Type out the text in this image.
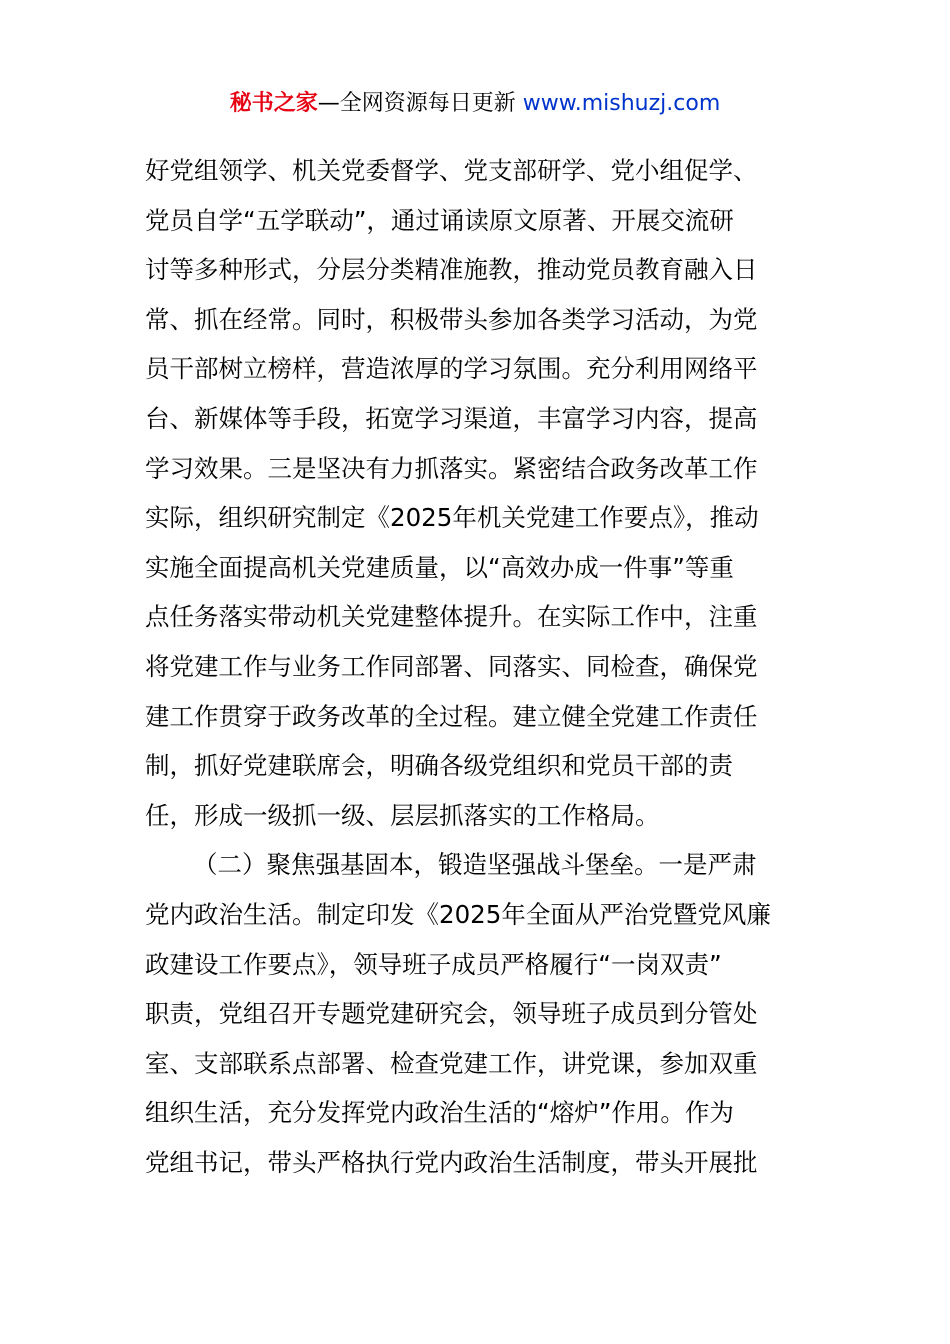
秘书之家—全网资源每日更新 www.mishuzj.com
好党组领学、机关党委督学、党支部研学、党小组促学、
党员自学“五学联动”，通过诵读原文原著、开展交流研
讨等多种形式，分层分类精准施教，推动党员教育融入日
常、抓在经常。同时，积极带头参加各类学习活动，为党
员干部树立榜样，营造浓厚的学习氛围。充分利用网络平
台、新媒体等手段，拓宽学习渠道，丰富学习内容，提高
学习效果。三是坚决有力抓落实。紧密结合政务改革工作
实际，组织研究制定《2025年机关党建工作要点》，推动
实施全面提高机关党建质量，以“高效办成一件事”等重
点任务落实带动机关党建整体提升。在实际工作中，注重
将党建工作与业务工作同部署、同落实、同检查，确保党
建工作贯穿于政务改革的全过程。建立健全党建工作责任
制，抓好党建联席会，明确各级党组织和党员干部的责
任，形成一级抓一级、层层抓落实的工作格局。
（二）聚焦强基固本，锻造坚强战斗堡垒。一是严肃
党内政治生活。制定印发《2025年全面从严治党暨党风廉
政建设工作要点》，领导班子成员严格履行“一岗双责”
职责，党组召开专题党建研究会，领导班子成员到分管处
室、支部联系点部署、检查党建工作，讲党课，参加双重
组织生活，充分发挥党内政治生活的“熔炉”作用。作为
党组书记，带头严格执行党内政治生活制度，带头开展批
